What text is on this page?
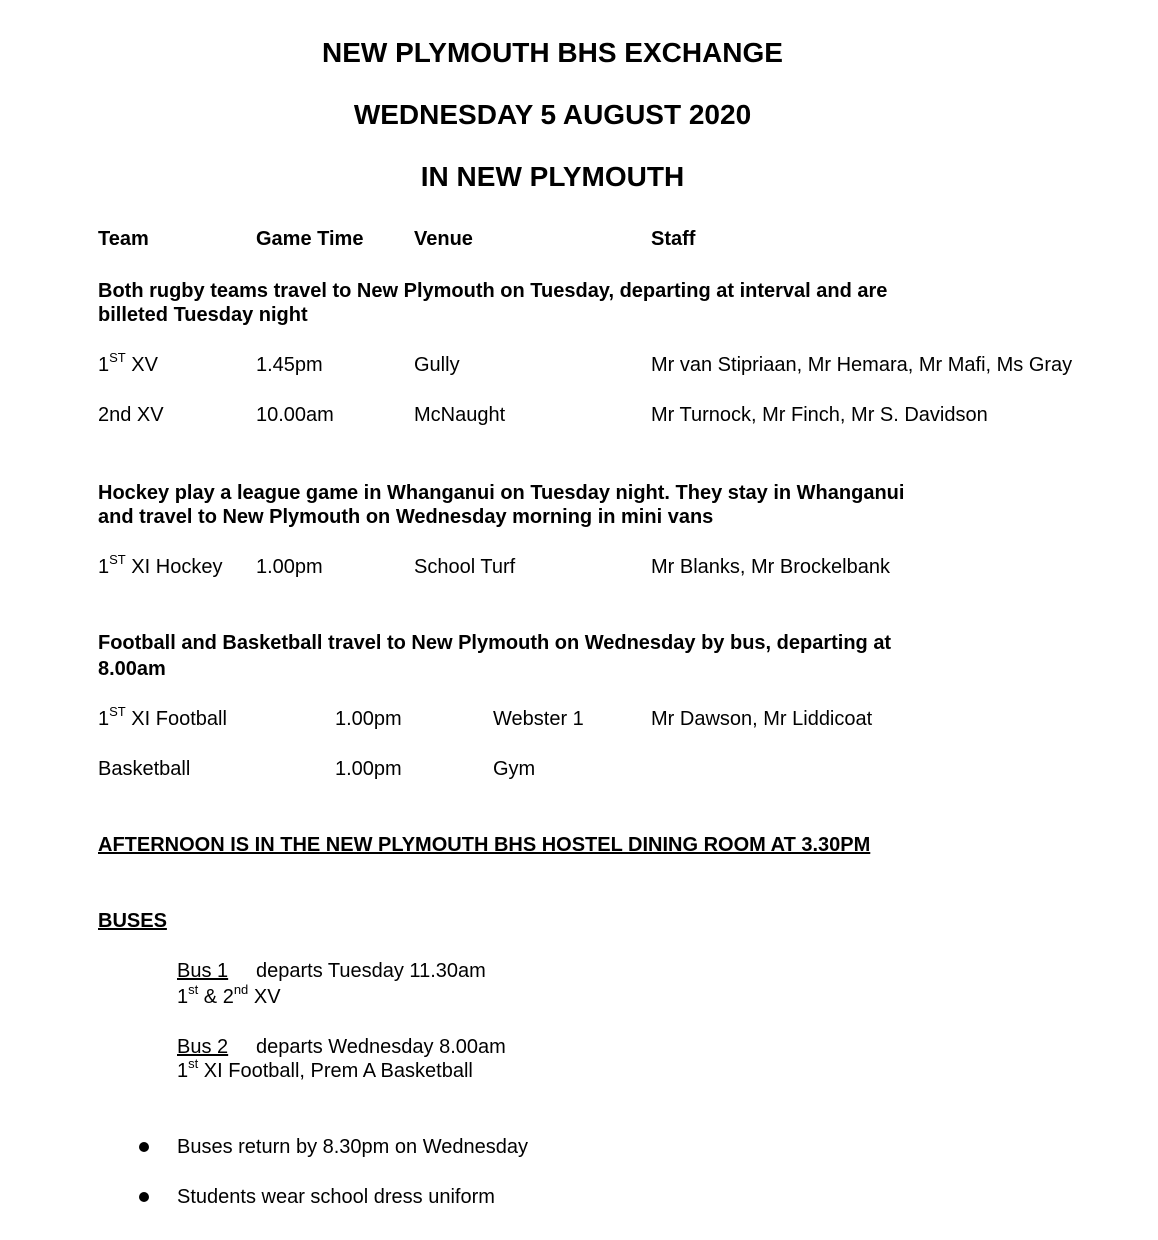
NEW PLYMOUTH BHS EXCHANGE
WEDNESDAY 5 AUGUST 2020
IN NEW PLYMOUTH
Team	Game Time	Venue	Staff
Both rugby teams travel to New Plymouth on Tuesday, departing at interval and are
billeted Tuesday night
1ST XV	1.45pm	Gully	Mr van Stipriaan, Mr Hemara, Mr Mafi, Ms Gray
2nd XV	10.00am	McNaught	Mr Turnock, Mr Finch, Mr S. Davidson
Hockey play a league game in Whanganui on Tuesday night. They stay in Whanganui
and travel to New Plymouth on Wednesday morning in mini vans
1ST XI Hockey 1.00pm	School Turf	Mr Blanks, Mr Brockelbank
Football and Basketball travel to New Plymouth on Wednesday by bus, departing at
8.00am
1ST XI Football	1.00pm	Webster 1	Mr Dawson, Mr Liddicoat
Basketball	1.00pm	Gym
AFTERNOON IS IN THE NEW PLYMOUTH BHS HOSTEL DINING ROOM AT 3.30PM
BUSES
Bus 1 departs Tuesday 11.30am
1st & 2nd XV
Bus 2 departs Wednesday 8.00am
1st XI Football, Prem A Basketball
Buses return by 8.30pm on Wednesday
Students wear school dress uniform
